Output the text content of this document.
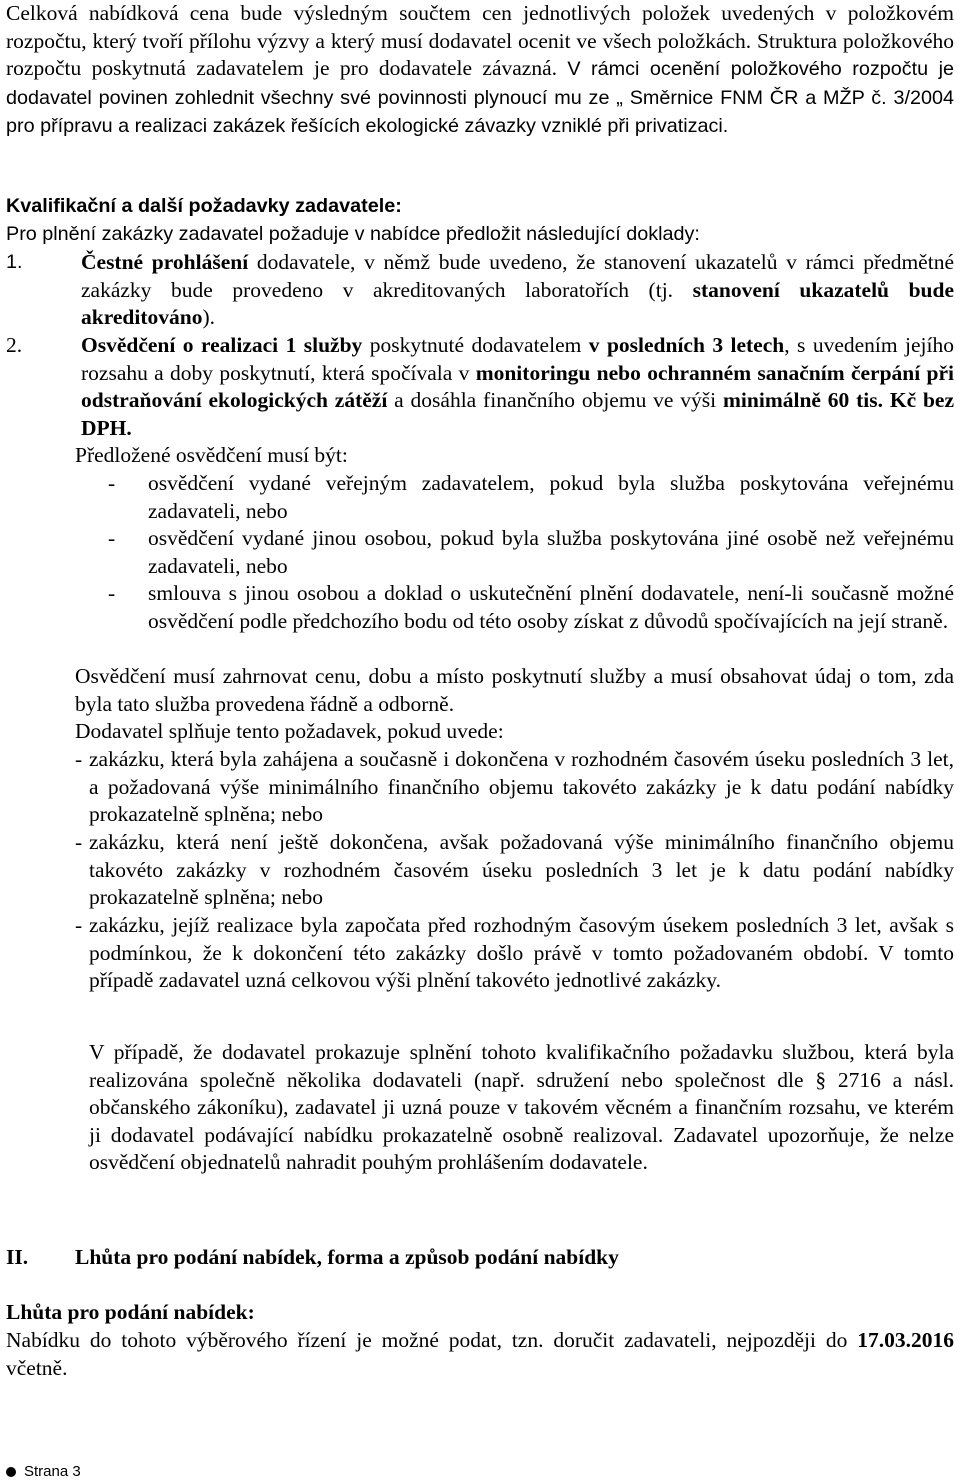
Celková nabídková cena bude výsledným součtem cen jednotlivých položek uvedených v položkovém rozpočtu, který tvoří přílohu výzvy a který musí dodavatel ocenit ve všech položkách. Struktura položkového rozpočtu poskytnutá zadavatelem je pro dodavatele závazná. V rámci ocenění položkového rozpočtu je dodavatel povinen zohlednit všechny své povinnosti plynoucí mu ze „ Směrnice FNM ČR a MŽP č. 3/2004 pro přípravu a realizaci zakázek řešících ekologické závazky vzniklé při privatizaci.

Kvalifikační a další požadavky zadavatele:

Pro plnění zakázky zadavatel požaduje v nabídce předložit následující doklady:

1.	Čestné prohlášení dodavatele, v němž bude uvedeno, že stanovení ukazatelů v rámci předmětné zakázky bude provedeno v akreditovaných laboratořích (tj. stanovení ukazatelů bude akreditováno).
2.	Osvědčení o realizaci 1 služby poskytnuté dodavatelem v posledních 3 letech, s uvedením jejího rozsahu a doby poskytnutí, která spočívala v monitoringu nebo ochranném sanačním čerpání při odstraňování ekologických zátěží a dosáhla finančního objemu ve výši minimálně 60 tis. Kč bez DPH.

Předložené osvědčení musí být:

- osvědčení vydané veřejným zadavatelem, pokud byla služba poskytována veřejnému zadavateli, nebo
- osvědčení vydané jinou osobou, pokud byla služba poskytována jiné osobě než veřejnému zadavateli, nebo
- smlouva s jinou osobou a doklad o uskutečnění plnění dodavatele, není-li současně možné osvědčení podle předchozího bodu od této osoby získat z důvodů spočívajících na její straně.
Osvědčení musí zahrnovat cenu, dobu a místo poskytnutí služby a musí obsahovat údaj o tom, zda byla tato služba provedena řádně a odborně.

Dodavatel splňuje tento požadavek, pokud uvede:

- zakázku, která byla zahájena a současně i dokončena v rozhodném časovém úseku posledních 3 let, a požadovaná výše minimálního finančního objemu takovéto zakázky je k datu podání nabídky prokazatelně splněna; nebo
- zakázku, která není ještě dokončena, avšak požadovaná výše minimálního finančního objemu takovéto zakázky v rozhodném časovém úseku posledních 3 let je k datu podání nabídky prokazatelně splněna; nebo
- zakázku, jejíž realizace byla započata před rozhodným časovým úsekem posledních 3 let, avšak s podmínkou, že k dokončení této zakázky došlo právě v tomto požadovaném období. V tomto případě zadavatel uzná celkovou výši plnění takovéto jednotlivé zakázky.
V případě, že dodavatel prokazuje splnění tohoto kvalifikačního požadavku službou, která byla realizována společně několika dodavateli (např. sdružení nebo společnost dle § 2716 a násl. občanského zákoníku), zadavatel ji uzná pouze v takovém věcném a finančním rozsahu, ve kterém ji dodavatel podávající nabídku prokazatelně osobně realizoval. Zadavatel upozorňuje, že nelze osvědčení objednatelů nahradit pouhým prohlášením dodavatele.
II. Lhůta pro podání nabídek, forma a způsob podání nabídky

Lhůta pro podání nabídek:

Nabídku do tohoto výběrového řízení je možné podat, tzn. doručit zadavateli, nejpozději do 17.03.2016 včetně.

Strana 3
